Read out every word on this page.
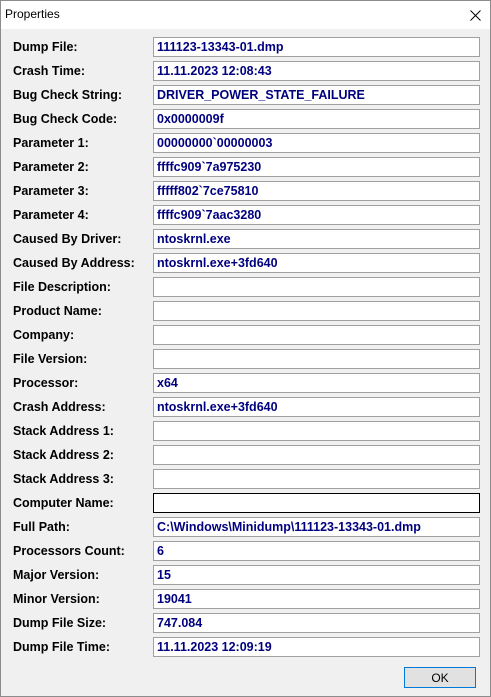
Properties
Dump File:	111123-13343-01.dmp
Crash Time:	11.11.2023 12:08:43
Bug Check String:	DRIVER_POWER_STATE_FAILURE
Bug Check Code:	0x0000009f
Parameter 1:	00000000`00000003
Parameter 2:	ffffc909`7a975230
Parameter 3:	fffff802`7ce75810
Parameter 4:	ffffc909`7aac3280
Caused By Driver:	ntoskrnl.exe
Caused By Address:	ntoskrnl.exe+3fd640
File Description:
Product Name:
Company:
File Version:
Processor:	x64
Crash Address:	ntoskrnl.exe+3fd640
Stack Address 1:
Stack Address 2:
Stack Address 3:
Computer Name:
Full Path:	C:\Windows\Minidump\111123-13343-01.dmp
Processors Count:	6
Major Version:	15
Minor Version:	19041
Dump File Size:	747.084
Dump File Time:	11.11.2023 12:09:19
OK
